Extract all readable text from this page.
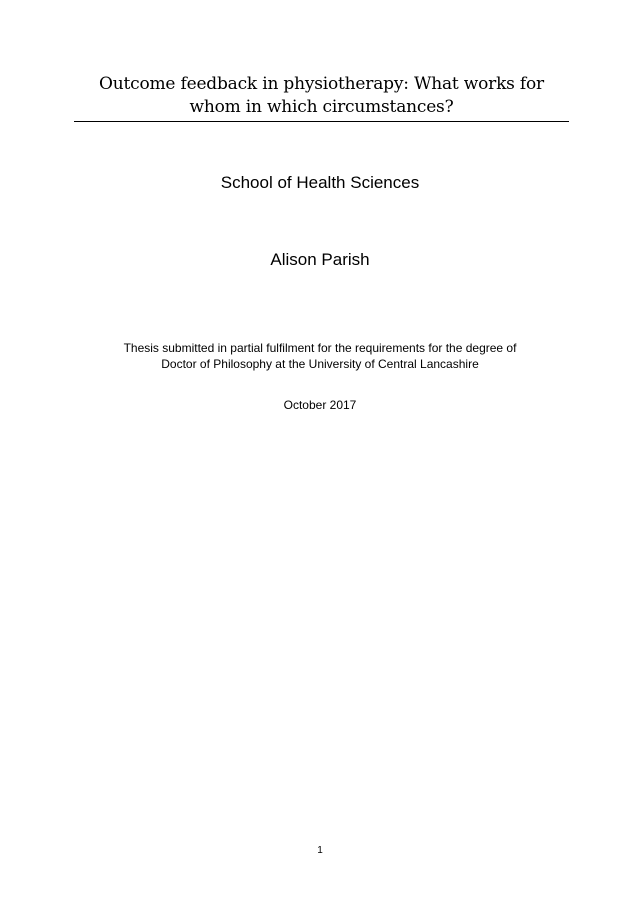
Outcome feedback in physiotherapy: What works for
whom in which circumstances?
School of Health Sciences
Alison Parish
Thesis submitted in partial fulfilment for the requirements for the degree of
Doctor of Philosophy at the University of Central Lancashire
October 2017
1
